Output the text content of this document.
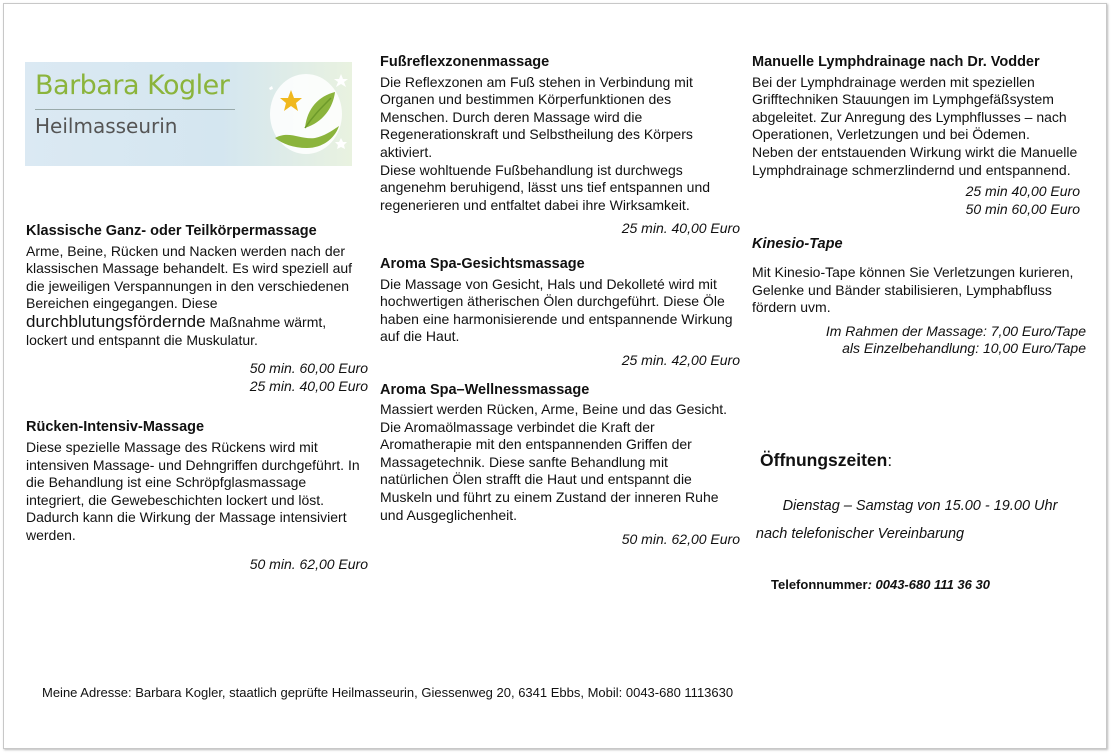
Barbara Kogler
Heilmasseurin
Klassische Ganz- oder Teilkörpermassage

Arme, Beine, Rücken und Nacken werden nach der klassischen Massage behandelt. Es wird speziell auf die jeweiligen Verspannungen in den verschiedenen Bereichen eingegangen. Diese durchblutungsfördernde Maßnahme wärmt, lockert und entspannt die Muskulatur.

50 min. 60,00 Euro

25 min. 40,00 Euro

Rücken-Intensiv-Massage

Diese spezielle Massage des Rückens wird mit intensiven Massage- und Dehngriffen durchgeführt. In die Behandlung ist eine Schröpfglasmassage integriert, die Gewebeschichten lockert und löst. Dadurch kann die Wirkung der Massage intensiviert werden.

50 min. 62,00 Euro

Fußreflexzonenmassage

Die Reflexzonen am Fuß stehen in Verbindung mit Organen und bestimmen Körperfunktionen des Menschen. Durch deren Massage wird die Regenerationskraft und Selbstheilung des Körpers aktiviert.

Diese wohltuende Fußbehandlung ist durchwegs angenehm beruhigend, lässt uns tief entspannen und regenerieren und entfaltet dabei ihre Wirksamkeit.

25 min. 40,00 Euro

Aroma Spa-Gesichtsmassage

Die Massage von Gesicht, Hals und Dekolleté wird mit hochwertigen ätherischen Ölen durchgeführt. Diese Öle haben eine harmonisierende und entspannende Wirkung auf die Haut.

25 min. 42,00 Euro

Aroma Spa–Wellnessmassage

Massiert werden Rücken, Arme, Beine und das Gesicht. Die Aromaölmassage verbindet die Kraft der Aromatherapie mit den entspannenden Griffen der Massagetechnik. Diese sanfte Behandlung mit natürlichen Ölen strafft die Haut und entspannt die Muskeln und führt zu einem Zustand der inneren Ruhe und Ausgeglichenheit.

50 min. 62,00 Euro

Manuelle Lymphdrainage nach Dr. Vodder

Bei der Lymphdrainage werden mit speziellen Grifftechniken Stauungen im Lymphgefäßsystem abgeleitet. Zur Anregung des Lymphflusses – nach Operationen, Verletzungen und bei Ödemen.

Neben der entstauenden Wirkung wirkt die Manuelle Lymphdrainage schmerzlindernd und entspannend.

25 min 40,00 Euro

50 min 60,00 Euro

Kinesio-Tape

Mit Kinesio-Tape können Sie Verletzungen kurieren, Gelenke und Bänder stabilisieren, Lymphabfluss fördern uvm.

Im Rahmen der Massage: 7,00 Euro/Tape

als Einzelbehandlung: 10,00 Euro/Tape

Öffnungszeiten:
Dienstag – Samstag von 15.00 - 19.00 Uhr
nach telefonischer Vereinbarung
Telefonnummer: 0043-680 111 36 30
Meine Adresse: Barbara Kogler, staatlich geprüfte Heilmasseurin, Giessenweg 20, 6341 Ebbs, Mobil: 0043-680 1113630
